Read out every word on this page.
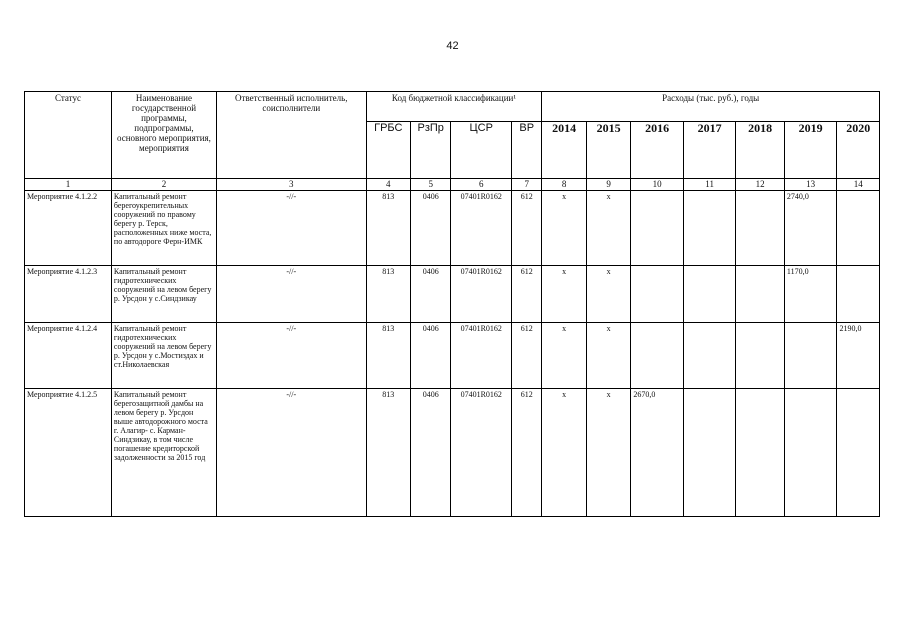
42
Статус	Наименование государственной программы, подпрограммы, основного мероприятия, мероприятия	Ответственный исполнитель, соисполнители	Код бюджетной классификации¹				Расходы (тыс. руб.), годы						
			ГРБС	РзПр	ЦСР	ВР	2014	2015	2016	2017	2018	2019	2020
1	2	3	4	5	6	7	8	9	10	11	12	13	14
Мероприятие 4.1.2.2	Капитальный ремонт берегоукрепительных сооружений по правому берегу р. Терск, расположенных ниже моста, по автодороге Ферн-ИМК	-//-	813	0406	07401R0162	612	x	x				2740,0	
Мероприятие 4.1.2.3	Капитальный ремонт гидротехнических сооружений на левом берегу р. Урсдон у с.Синдзикау	-//-	813	0406	07401R0162	612	x	x				1170,0	
Мероприятие 4.1.2.4	Капитальный ремонт гидротехнических сооружений на левом берегу р. Урсдон у с.Мостиздах и ст.Николаевская	-//-	813	0406	07401R0162	612	x	x					2190,0
Мероприятие 4.1.2.5	Капитальный ремонт берегозащитной дамбы на левом берегу р. Урсдон выше автодорожного моста г. Алагир- с. Карман-Синдзикау, в том числе погашение кредиторской задолженности за 2015 год	-//-	813	0406	07401R0162	612	x	x	2670,0				
